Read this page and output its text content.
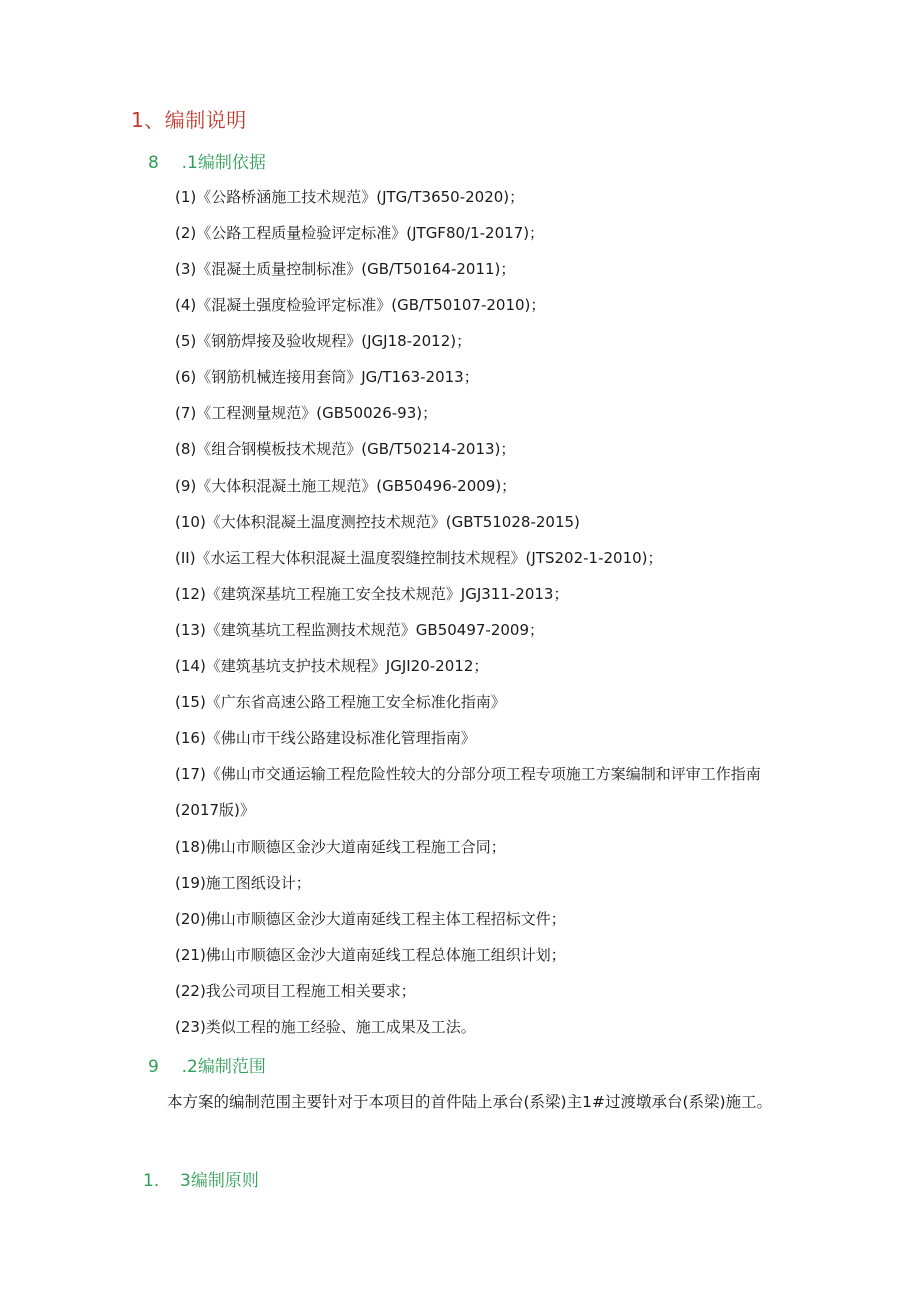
1、编制说明
8 .1编制依据
(1)《公路桥涵施工技术规范》(JTG/T3650-2020)；
(2)《公路工程质量检验评定标准》(JTGF80/1-2017)；
(3)《混凝土质量控制标准》(GB/T50164-2011)；
(4)《混凝土强度检验评定标准》(GB/T50107-2010)；
(5)《钢筋焊接及验收规程》(JGJ18-2012)；
(6)《钢筋机械连接用套筒》JG/T163-2013；
(7)《工程测量规范》(GB50026-93)；
(8)《组合钢模板技术规范》(GB/T50214-2013)；
(9)《大体积混凝土施工规范》(GB50496-2009)；
(10)《大体积混凝土温度测控技术规范》(GBT51028-2015)
(II)《水运工程大体积混凝土温度裂缝控制技术规程》(JTS202-1-2010)；
(12)《建筑深基坑工程施工安全技术规范》JGJ311-2013；
(13)《建筑基坑工程监测技术规范》GB50497-2009；
(14)《建筑基坑支护技术规程》JGJI20-2012；
(15)《广东省高速公路工程施工安全标准化指南》
(16)《佛山市干线公路建设标准化管理指南》
(17)《佛山市交通运输工程危险性较大的分部分项工程专项施工方案编制和评审工作指南(2017版)》
(18)佛山市顺德区金沙大道南延线工程施工合同；
(19)施工图纸设计；
(20)佛山市顺德区金沙大道南延线工程主体工程招标文件；
(21)佛山市顺德区金沙大道南延线工程总体施工组织计划；
(22)我公司项目工程施工相关要求；
(23)类似工程的施工经验、施工成果及工法。
9 .2编制范围
本方案的编制范围主要针对于本项目的首件陆上承台(系梁)主1#过渡墩承台(系梁)施工。
1. 3编制原则
